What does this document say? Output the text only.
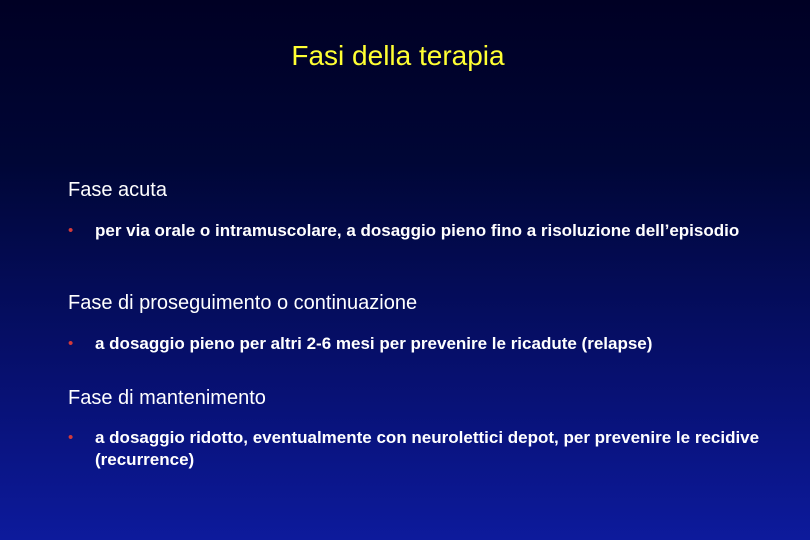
Fasi della terapia
Fase acuta
• per via orale o intramuscolare, a dosaggio pieno fino a risoluzione dell’episodio
Fase di proseguimento o continuazione
• a dosaggio pieno per altri 2-6 mesi per prevenire le ricadute (relapse)
Fase di mantenimento
• a dosaggio ridotto, eventualmente con neurolettici depot, per prevenire le recidive (recurrence)
